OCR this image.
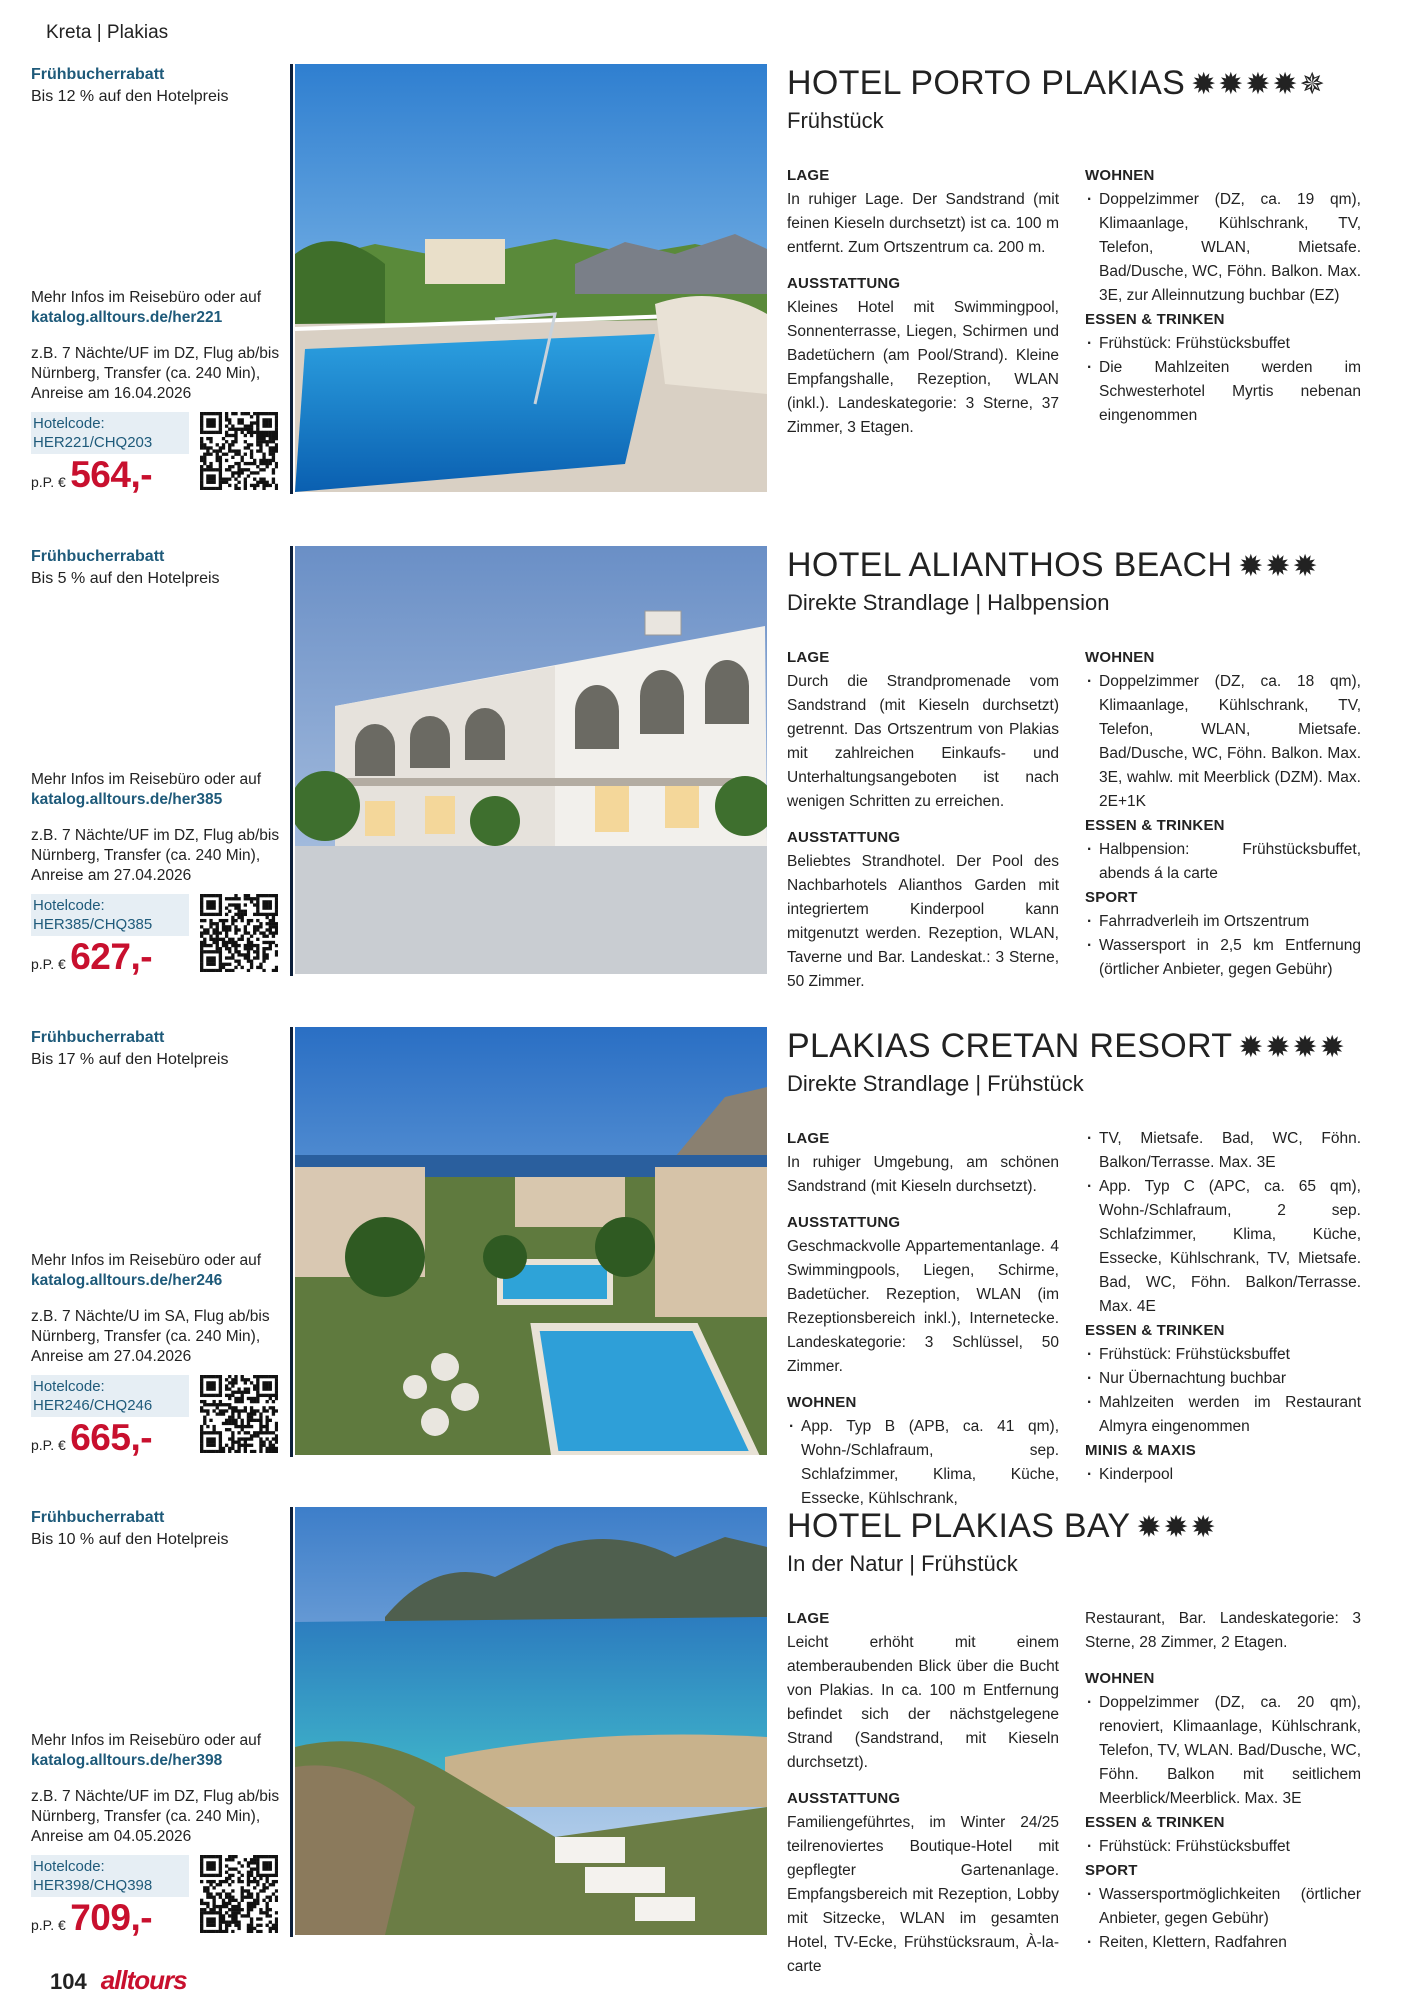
Kreta | Plakias
Frühbucherrabatt
Bis 12 % auf den Hotelpreis
Mehr Infos im Reisebüro oder auf
katalog.alltours.de/her221
z.B. 7 Nächte/UF im DZ, Flug ab/bis Nürnberg, Transfer (ca. 240 Min), Anreise am 16.04.2026
Hotelcode:
HER221/CHQ203
p.P. € 564,-
HOTEL PORTO PLAKIAS ✹✹✹✹✵
Frühstück
LAGE
In ruhiger Lage. Der Sandstrand (mit feinen Kieseln durchsetzt) ist ca. 100 m entfernt. Zum Ortszentrum ca. 200 m.
AUSSTATTUNG
Kleines Hotel mit Swimmingpool, Sonnenterrasse, Liegen, Schirmen und Badetüchern (am Pool/Strand). Kleine Empfangshalle, Rezeption, WLAN (inkl.). Landeskategorie: 3 Sterne, 37 Zimmer, 3 Etagen.
WOHNEN
· Doppelzimmer (DZ, ca. 19 qm), Klimaanlage, Kühlschrank, TV, Telefon, WLAN, Mietsafe. Bad/Dusche, WC, Föhn. Balkon. Max. 3E, zur Alleinnutzung buchbar (EZ)
ESSEN & TRINKEN
· Frühstück: Frühstücksbuffet
· Die Mahlzeiten werden im Schwesterhotel Myrtis nebenan eingenommen
Frühbucherrabatt
Bis 5 % auf den Hotelpreis
Mehr Infos im Reisebüro oder auf
katalog.alltours.de/her385
z.B. 7 Nächte/UF im DZ, Flug ab/bis Nürnberg, Transfer (ca. 240 Min), Anreise am 27.04.2026
Hotelcode:
HER385/CHQ385
p.P. € 627,-
HOTEL ALIANTHOS BEACH ✹✹✹
Direkte Strandlage | Halbpension
LAGE
Durch die Strandpromenade vom Sandstrand (mit Kieseln durchsetzt) getrennt. Das Ortszentrum von Plakias mit zahlreichen Einkaufs- und Unterhaltungsangeboten ist nach wenigen Schritten zu erreichen.
AUSSTATTUNG
Beliebtes Strandhotel. Der Pool des Nachbarhotels Alianthos Garden mit integriertem Kinderpool kann mitgenutzt werden. Rezeption, WLAN, Taverne und Bar. Landeskat.: 3 Sterne, 50 Zimmer.
WOHNEN
· Doppelzimmer (DZ, ca. 18 qm), Klimaanlage, Kühlschrank, TV, Telefon, WLAN, Mietsafe. Bad/Dusche, WC, Föhn. Balkon. Max. 3E, wahlw. mit Meerblick (DZM). Max. 2E+1K
ESSEN & TRINKEN
· Halbpension: Frühstücksbuffet, abends á la carte
SPORT
· Fahrradverleih im Ortszentrum
· Wassersport in 2,5 km Entfernung (örtlicher Anbieter, gegen Gebühr)
Frühbucherrabatt
Bis 17 % auf den Hotelpreis
Mehr Infos im Reisebüro oder auf
katalog.alltours.de/her246
z.B. 7 Nächte/U im SA, Flug ab/bis Nürnberg, Transfer (ca. 240 Min), Anreise am 27.04.2026
Hotelcode:
HER246/CHQ246
p.P. € 665,-
PLAKIAS CRETAN RESORT ✹✹✹✹
Direkte Strandlage | Frühstück
LAGE
In ruhiger Umgebung, am schönen Sandstrand (mit Kieseln durchsetzt).
AUSSTATTUNG
Geschmackvolle Appartementanlage. 4 Swimmingpools, Liegen, Schirme, Badetücher. Rezeption, WLAN (im Rezeptionsbereich inkl.), Internetecke. Landeskategorie: 3 Schlüssel, 50 Zimmer.
WOHNEN
· App. Typ B (APB, ca. 41 qm), Wohn-/Schlafraum, sep. Schlafzimmer, Klima, Küche, Essecke, Kühlschrank,
· TV, Mietsafe. Bad, WC, Föhn. Balkon/Terrasse. Max. 3E
· App. Typ C (APC, ca. 65 qm), Wohn-/Schlafraum, 2 sep. Schlafzimmer, Klima, Küche, Essecke, Kühlschrank, TV, Mietsafe. Bad, WC, Föhn. Balkon/Terrasse. Max. 4E
ESSEN & TRINKEN
· Frühstück: Frühstücksbuffet
· Nur Übernachtung buchbar
· Mahlzeiten werden im Restaurant Almyra eingenommen
MINIS & MAXIS
· Kinderpool
Frühbucherrabatt
Bis 10 % auf den Hotelpreis
Mehr Infos im Reisebüro oder auf
katalog.alltours.de/her398
z.B. 7 Nächte/UF im DZ, Flug ab/bis Nürnberg, Transfer (ca. 240 Min), Anreise am 04.05.2026
Hotelcode:
HER398/CHQ398
p.P. € 709,-
HOTEL PLAKIAS BAY ✹✹✹
In der Natur | Frühstück
LAGE
Leicht erhöht mit einem atemberaubenden Blick über die Bucht von Plakias. In ca. 100 m Entfernung befindet sich der nächstgelegene Strand (Sandstrand, mit Kieseln durchsetzt).
AUSSTATTUNG
Familiengeführtes, im Winter 24/25 teilrenoviertes Boutique-Hotel mit gepflegter Gartenanlage. Empfangsbereich mit Rezeption, Lobby mit Sitzecke, WLAN im gesamten Hotel, TV-Ecke, Frühstücksraum, À-la-carte
Restaurant, Bar. Landeskategorie: 3 Sterne, 28 Zimmer, 2 Etagen.
WOHNEN
· Doppelzimmer (DZ, ca. 20 qm), renoviert, Klimaanlage, Kühlschrank, Telefon, TV, WLAN. Bad/Dusche, WC, Föhn. Balkon mit seitlichem Meerblick/Meerblick. Max. 3E
ESSEN & TRINKEN
· Frühstück: Frühstücksbuffet
SPORT
· Wassersportmöglichkeiten (örtlicher Anbieter, gegen Gebühr)
· Reiten, Klettern, Radfahren
104 alltours
